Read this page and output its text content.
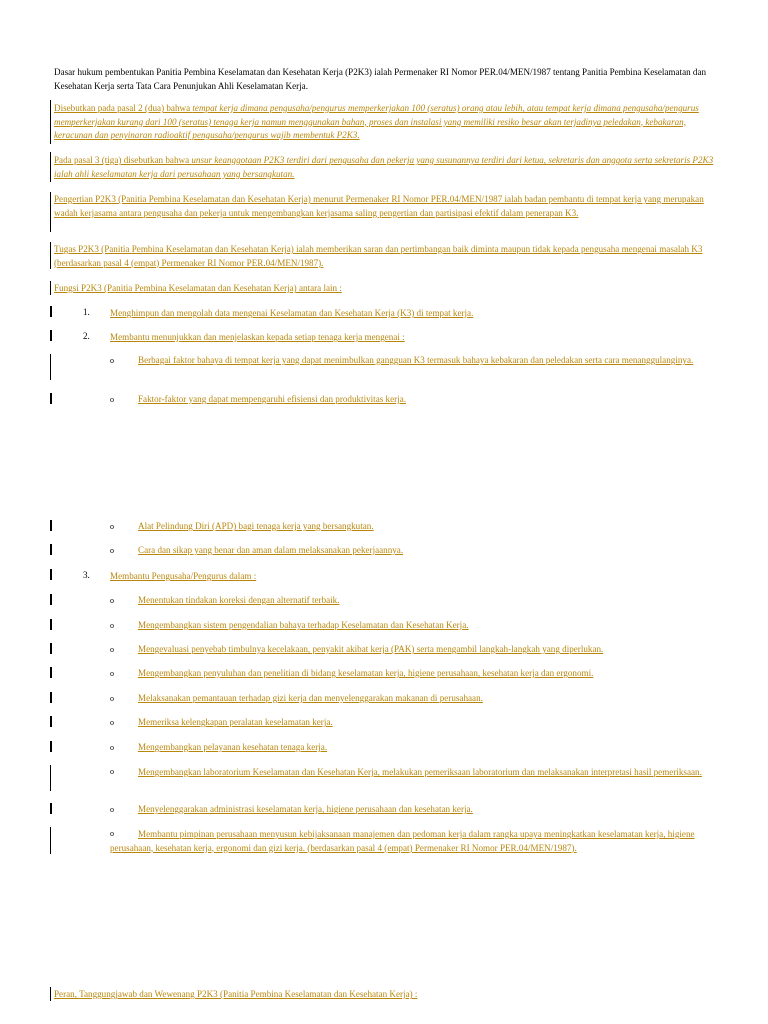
Dasar hukum pembentukan Panitia Pembina Keselamatan dan Kesehatan Kerja (P2K3) ialah Permenaker RI Nomor PER.04/MEN/1987 tentang Panitia Pembina Keselamatan dan Kesehatan Kerja serta Tata Cara Penunjukan Ahli Keselamatan Kerja.
Disebutkan pada pasal 2 (dua) bahwa tempat kerja dimana pengusaha/pengurus memperkerjakan 100 (seratus) orang atau lebih, atau tempat kerja dimana pengusaha/pengurus memperkerjakan kurang dari 100 (seratus) tenaga kerja namun menggunakan bahan, proses dan instalasi yang memiliki resiko besar akan terjadinya peledakan, kebakaran, keracunan dan penyinaran radioaktif pengusaha/pengurus wajib membentuk P2K3.
Pada pasal 3 (tiga) disebutkan bahwa unsur keanggotaan P2K3 terdiri dari pengusaha dan pekerja yang susunannya terdiri dari ketua, sekretaris dan anggota serta sekretaris P2K3 ialah ahli keselamatan kerja dari perusahaan yang bersangkutan.
Pengertian P2K3 (Panitia Pembina Keselamatan dan Kesehatan Kerja) menurut Permenaker RI Nomor PER.04/MEN/1987 ialah badan pembantu di tempat kerja yang merupakan wadah kerjasama antara pengusaha dan pekerja untuk mengembangkan kerjasama saling pengertian dan partisipasi efektif dalam penerapan K3.
Tugas P2K3 (Panitia Pembina Keselamatan dan Kesehatan Kerja) ialah memberikan saran dan pertimbangan baik diminta maupun tidak kepada pengusaha mengenai masalah K3 (berdasarkan pasal 4 (empat) Permenaker RI Nomor PER.04/MEN/1987).
Fungsi P2K3 (Panitia Pembina Keselamatan dan Kesehatan Kerja) antara lain :
1. Menghimpun dan mengolah data mengenai Keselamatan dan Kesehatan Kerja (K3) di tempat kerja.
2. Membantu menunjukkan dan menjelaskan kepada setiap tenaga kerja mengenai :
o	Berbagai faktor bahaya di tempat kerja yang dapat menimbulkan gangguan K3 termasuk bahaya kebakaran dan peledakan serta cara menanggulanginya.
o	Faktor-faktor yang dapat mempengaruhi efisiensi dan produktivitas kerja.
o	Alat Pelindung Diri (APD) bagi tenaga kerja yang bersangkutan.
o	Cara dan sikap yang benar dan aman dalam melaksanakan pekerjaannya.
3. Membantu Pengusaha/Pengurus dalam :
o	Menentukan tindakan koreksi dengan alternatif terbaik.
o	Mengembangkan sistem pengendalian bahaya terhadap Keselamatan dan Kesehatan Kerja.
o	Mengevaluasi penyebab timbulnya kecelakaan, penyakit akibat kerja (PAK) serta mengambil langkah-langkah yang diperlukan.
o	Mengembangkan penyuluhan dan penelitian di bidang keselamatan kerja, higiene perusahaan, kesehatan kerja dan ergonomi.
o	Melaksanakan pemantauan terhadap gizi kerja dan menyelenggarakan makanan di perusahaan.
o	Memeriksa kelengkapan peralatan keselamatan kerja.
o	Mengembangkan pelayanan kesehatan tenaga kerja.
o	Mengembangkan laboratorium Keselamatan dan Kesehatan Kerja, melakukan pemeriksaan laboratorium dan melaksanakan interpretasi hasil pemeriksaan.
o	Menyelenggarakan administrasi keselamatan kerja, higiene perusahaan dan kesehatan kerja.
o	Membantu pimpinan perusahaan menyusun kebijaksanaan manajemen dan pedoman kerja dalam rangka upaya meningkatkan keselamatan kerja, higiene perusahaan, kesehatan kerja, ergonomi dan gizi kerja. (berdasarkan pasal 4 (empat) Permenaker RI Nomor PER.04/MEN/1987).
Peran, Tanggungjawab dan Wewenang P2K3 (Panitia Pembina Keselamatan dan Kesehatan Kerja) :
